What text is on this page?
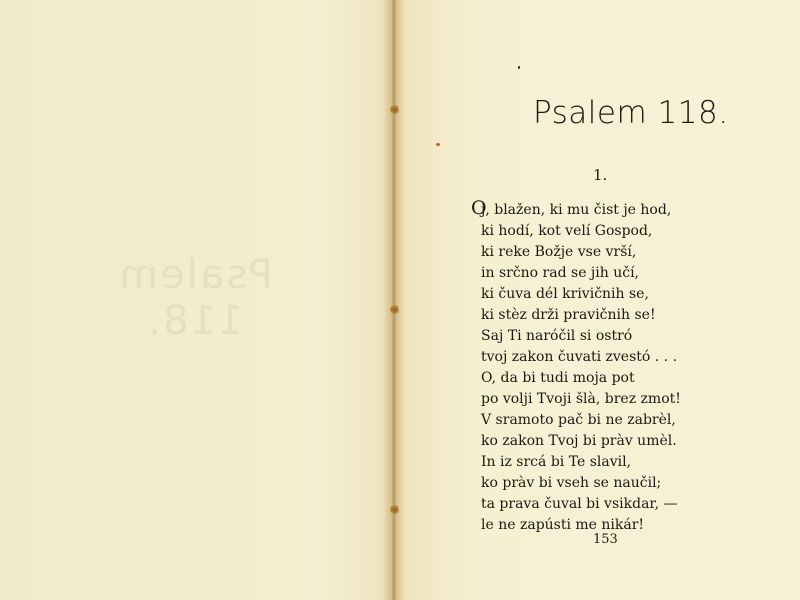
Psalem 118.
Psalem 118.
1.
O
j, blažen, ki mu čist je hod,
ki hodí, kot velí Gospod,
ki reke Božje vse vrší,
in srčno rad se jih učí,
ki čuva dél krivičnih se,
ki stèz drži pravičnih se!
Saj Ti naróčil si ostró
tvoj zakon čuvati zvestó . . .
O, da bi tudi moja pot
po volji Tvoji šlà, brez zmot!
V sramoto pač bi ne zabrèl,
ko zakon Tvoj bi pràv umèl.
In iz srcá bi Te slavil,
ko pràv bi vseh se naučil;
ta prava čuval bi vsikdar, —
le ne zapústi me nikár!
153
